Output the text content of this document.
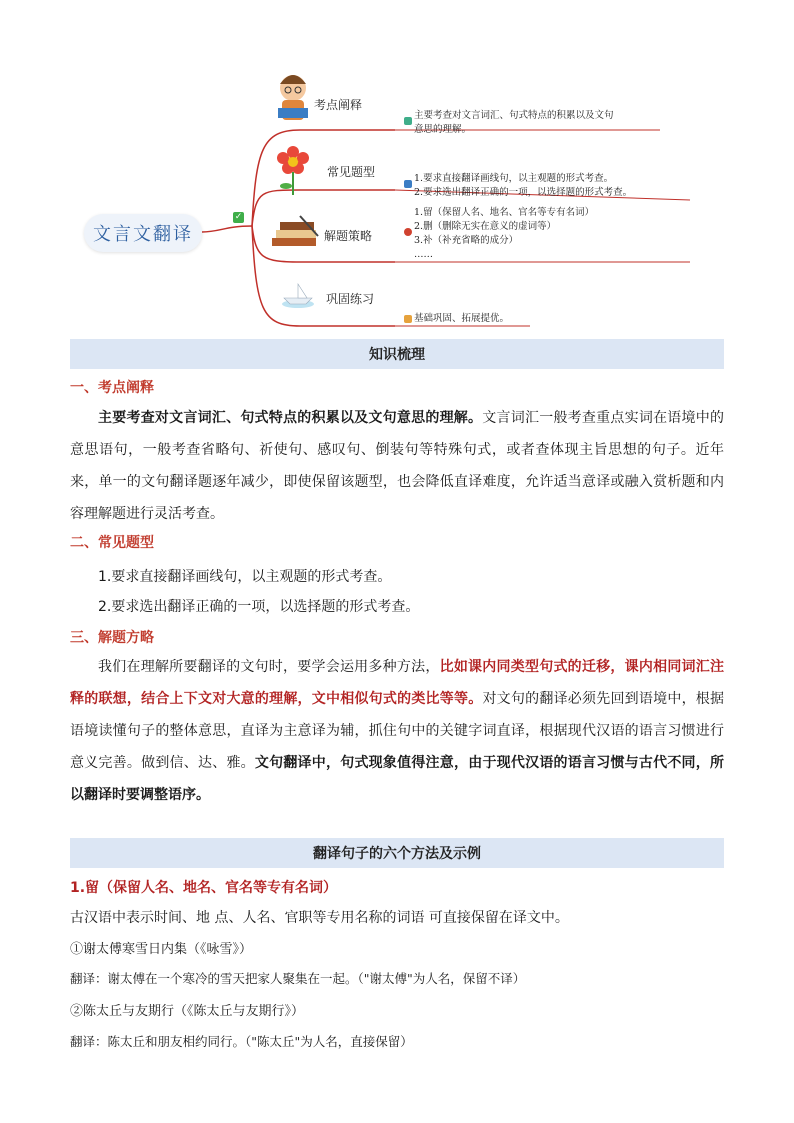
文言文翻译
✓
考点阐释
常见题型
解题策略
巩固练习
主要考查对文言词汇、句式特点的积累以及文句
意思的理解。
1.要求直接翻译画线句，以主观题的形式考查。
2.要求选出翻译正确的一项，以选择题的形式考查。
1.留（保留人名、地名、官名等专有名词）
2.删（删除无实在意义的虚词等）
3.补（补充省略的成分）
……
基础巩固、拓展提优。
知识梳理
一、考点阐释

主要考查对文言词汇、句式特点的积累以及文句意思的理解。文言词汇一般考查重点实词在语境中的意思语句，一般考查省略句、祈使句、感叹句、倒装句等特殊句式，或者查体现主旨思想的句子。近年来，单一的文句翻译题逐年减少，即使保留该题型，也会降低直译难度，允许适当意译或融入赏析题和内容理解题进行灵活考查。

二、常见题型
1.要求直接翻译画线句，以主观题的形式考查。
2.要求选出翻译正确的一项，以选择题的形式考查。
三、解题方略

我们在理解所要翻译的文句时，要学会运用多种方法，比如课内同类型句式的迁移，课内相同词汇注释的联想，结合上下文对大意的理解，文中相似句式的类比等等。对文句的翻译必须先回到语境中，根据语境读懂句子的整体意思，直译为主意译为辅，抓住句中的关键字词直译，根据现代汉语的语言习惯进行意义完善。做到信、达、雅。文句翻译中，句式现象值得注意，由于现代汉语的语言习惯与古代不同，所以翻译时要调整语序。

翻译句子的六个方法及示例
1.留（保留人名、地名、官名等专有名词）
古汉语中表示时间、地 点、人名、官职等专用名称的词语 可直接保留在译文中。
①谢太傅寒雪日内集（《咏雪》）
翻译：谢太傅在一个寒冷的雪天把家人聚集在一起。（"谢太傅"为人名，保留不译）
②陈太丘与友期行（《陈太丘与友期行》）
翻译：陈太丘和朋友相约同行。（"陈太丘"为人名，直接保留）
